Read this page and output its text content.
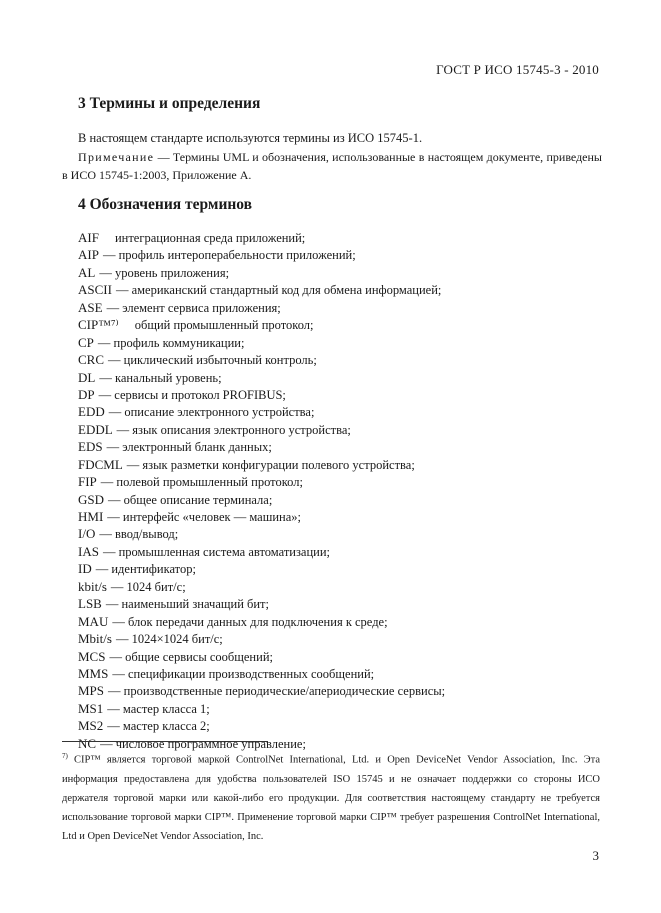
ГОСТ Р ИСО 15745-3 - 2010
3 Термины и определения
В настоящем стандарте используются термины из ИСО 15745-1.
Примечание — Термины UML и обозначения, использованные в настоящем документе, приведены в ИСО 15745-1:2003, Приложение А.
4 Обозначения терминов
AIF интеграционная среда приложений;
AIP — профиль интероперабельности приложений;
AL — уровень приложения;
ASCII — американский стандартный код для обмена информацией;
ASE — элемент сервиса приложения;
CIP™⁷⁾ общий промышленный протокол;
CP — профиль коммуникации;
CRC — циклический избыточный контроль;
DL — канальный уровень;
DP — сервисы и протокол PROFIBUS;
EDD — описание электронного устройства;
EDDL — язык описания электронного устройства;
EDS — электронный бланк данных;
FDCML — язык разметки конфигурации полевого устройства;
FIP — полевой промышленный протокол;
GSD — общее описание терминала;
HMI — интерфейс «человек — машина»;
I/O — ввод/вывод;
IAS — промышленная система автоматизации;
ID — идентификатор;
kbit/s — 1024 бит/с;
LSB — наименьший значащий бит;
MAU — блок передачи данных для подключения к среде;
Mbit/s — 1024×1024 бит/с;
MCS — общие сервисы сообщений;
MMS — спецификации производственных сообщений;
MPS — производственные периодические/апериодические сервисы;
MS1 — мастер класса 1;
MS2 — мастер класса 2;
NC — числовое программное управление;
$^{7)}$ CIP™ является торговой маркой ControlNet International, Ltd. и Open DeviceNet Vendor Association, Inc. Эта информация предоставлена для удобства пользователей ISO 15745 и не означает поддержки со стороны ИСО держателя торговой марки или какой-либо его продукции. Для соответствия настоящему стандарту не требуется использование торговой марки CIP™. Применение торговой марки CIP™ требует разрешения ControlNet International, Ltd и Open DeviceNet Vendor Association, Inc.
3
